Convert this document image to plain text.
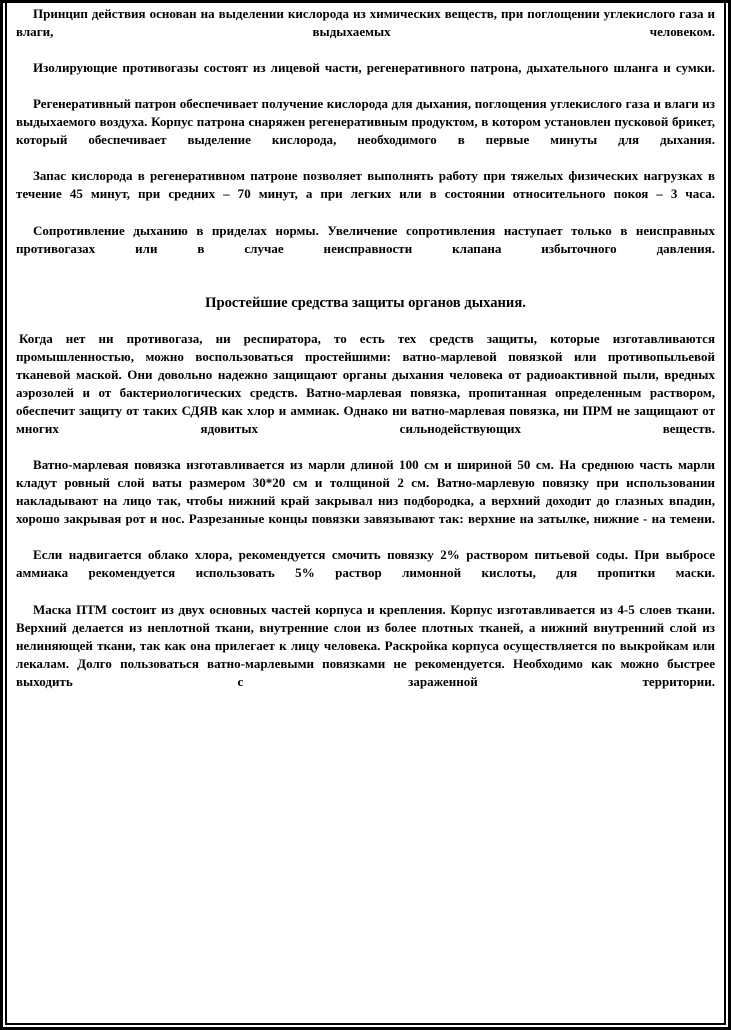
Принцип действия основан на выделении кислорода из химических веществ, при поглощении углекислого газа и влаги, выдыхаемых человеком.

Изолирующие противогазы состоят из лицевой части, регенеративного патрона, дыхательного шланга и сумки.

Регенеративный патрон обеспечивает получение кислорода для дыхания, поглощения углекислого газа и влаги из выдыхаемого воздуха. Корпус патрона снаряжен регенеративным продуктом, в котором установлен пусковой брикет, который обеспечивает выделение кислорода, необходимого в первые минуты для дыхания.

Запас кислорода в регенеративном патроне позволяет выполнять работу при тяжелых физических нагрузках в течение 45 минут, при средних – 70 минут, а при легких или в состоянии относительного покоя – 3 часа.

Сопротивление дыханию в приделах нормы. Увеличение сопротивления наступает только в неисправных противогазах или в случае неисправности клапана избыточного давления.

Простейшие средства защиты органов дыхания.

Когда нет ни противогаза, ни респиратора, то есть тех средств защиты, которые изготавливаются промышленностью, можно воспользоваться простейшими: ватно-марлевой повязкой или противопыльевой тканевой маской. Они довольно надежно защищают органы дыхания человека от радиоактивной пыли, вредных аэрозолей и от бактериологических средств. Ватно-марлевая повязка, пропитанная определенным раствором, обеспечит защиту от таких СДЯВ как хлор и аммиак. Однако ни ватно-марлевая повязка, ни ПРМ не защищают от многих ядовитых сильнодействующих веществ.

Ватно-марлевая повязка изготавливается из марли длиной 100 см и шириной 50 см. На среднюю часть марли кладут ровный слой ваты размером 30*20 см и толщиной 2 см. Ватно-марлевую повязку при использовании накладывают на лицо так, чтобы нижний край закрывал низ подбородка, а верхний доходит до глазных впадин, хорошо закрывая рот и нос. Разрезанные концы повязки завязывают так: верхние на затылке, нижние - на темени.

Если надвигается облако хлора, рекомендуется смочить повязку 2% раствором питьевой соды. При выбросе аммиака рекомендуется использовать 5% раствор лимонной кислоты, для пропитки маски.

Маска ПТМ состоит из двух основных частей корпуса и крепления. Корпус изготавливается из 4-5 слоев ткани. Верхний делается из неплотной ткани, внутренние слои из более плотных тканей, а нижний внутренний слой из нелиняющей ткани, так как она прилегает к лицу человека. Раскройка корпуса осуществляется по выкройкам или лекалам. Долго пользоваться ватно-марлевыми повязками не рекомендуется. Необходимо как можно быстрее выходить с зараженной территории.
